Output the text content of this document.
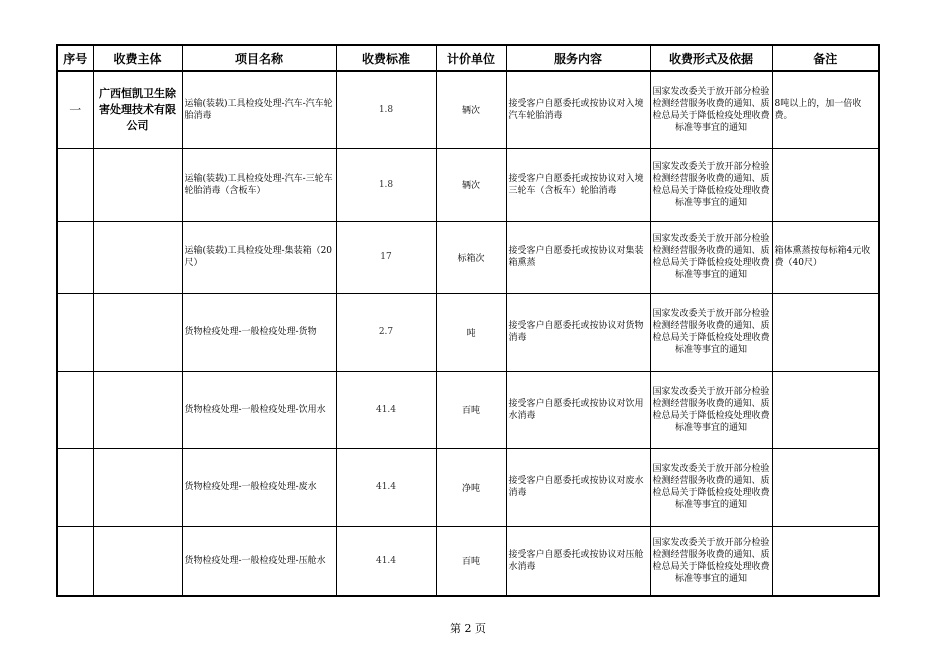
序号	收费主体	项目名称	收费标准	计价单位	服务内容	收费形式及依据	备注
一	广西恒凯卫生除害处理技术有限公司	运输(装载)工具检疫处理-汽车-汽车轮胎消毒	1.8	辆次	接受客户自愿委托或按协议对入境汽车轮胎消毒	国家发改委关于放开部分检验检测经营服务收费的通知、质检总局关于降低检疫处理收费标准等事宜的通知	8吨以上的，加一倍收费。
		运输(装载)工具检疫处理-汽车-三轮车轮胎消毒（含板车）	1.8	辆次	接受客户自愿委托或按协议对入境三轮车（含板车）轮胎消毒	国家发改委关于放开部分检验检测经营服务收费的通知、质检总局关于降低检疫处理收费标准等事宜的通知	
		运输(装载)工具检疫处理-集装箱（20尺）	17	标箱次	接受客户自愿委托或按协议对集装箱熏蒸	国家发改委关于放开部分检验检测经营服务收费的通知、质检总局关于降低检疫处理收费标准等事宜的通知	箱体熏蒸按每标箱4元收费（40尺）
		货物检疫处理-一般检疫处理-货物	2.7	吨	接受客户自愿委托或按协议对货物消毒	国家发改委关于放开部分检验检测经营服务收费的通知、质检总局关于降低检疫处理收费标准等事宜的通知	
		货物检疫处理-一般检疫处理-饮用水	41.4	百吨	接受客户自愿委托或按协议对饮用水消毒	国家发改委关于放开部分检验检测经营服务收费的通知、质检总局关于降低检疫处理收费标准等事宜的通知	
		货物检疫处理-一般检疫处理-废水	41.4	净吨	接受客户自愿委托或按协议对废水消毒	国家发改委关于放开部分检验检测经营服务收费的通知、质检总局关于降低检疫处理收费标准等事宜的通知	
		货物检疫处理-一般检疫处理-压舱水	41.4	百吨	接受客户自愿委托或按协议对压舱水消毒	国家发改委关于放开部分检验检测经营服务收费的通知、质检总局关于降低检疫处理收费标准等事宜的通知	
第 2 页
